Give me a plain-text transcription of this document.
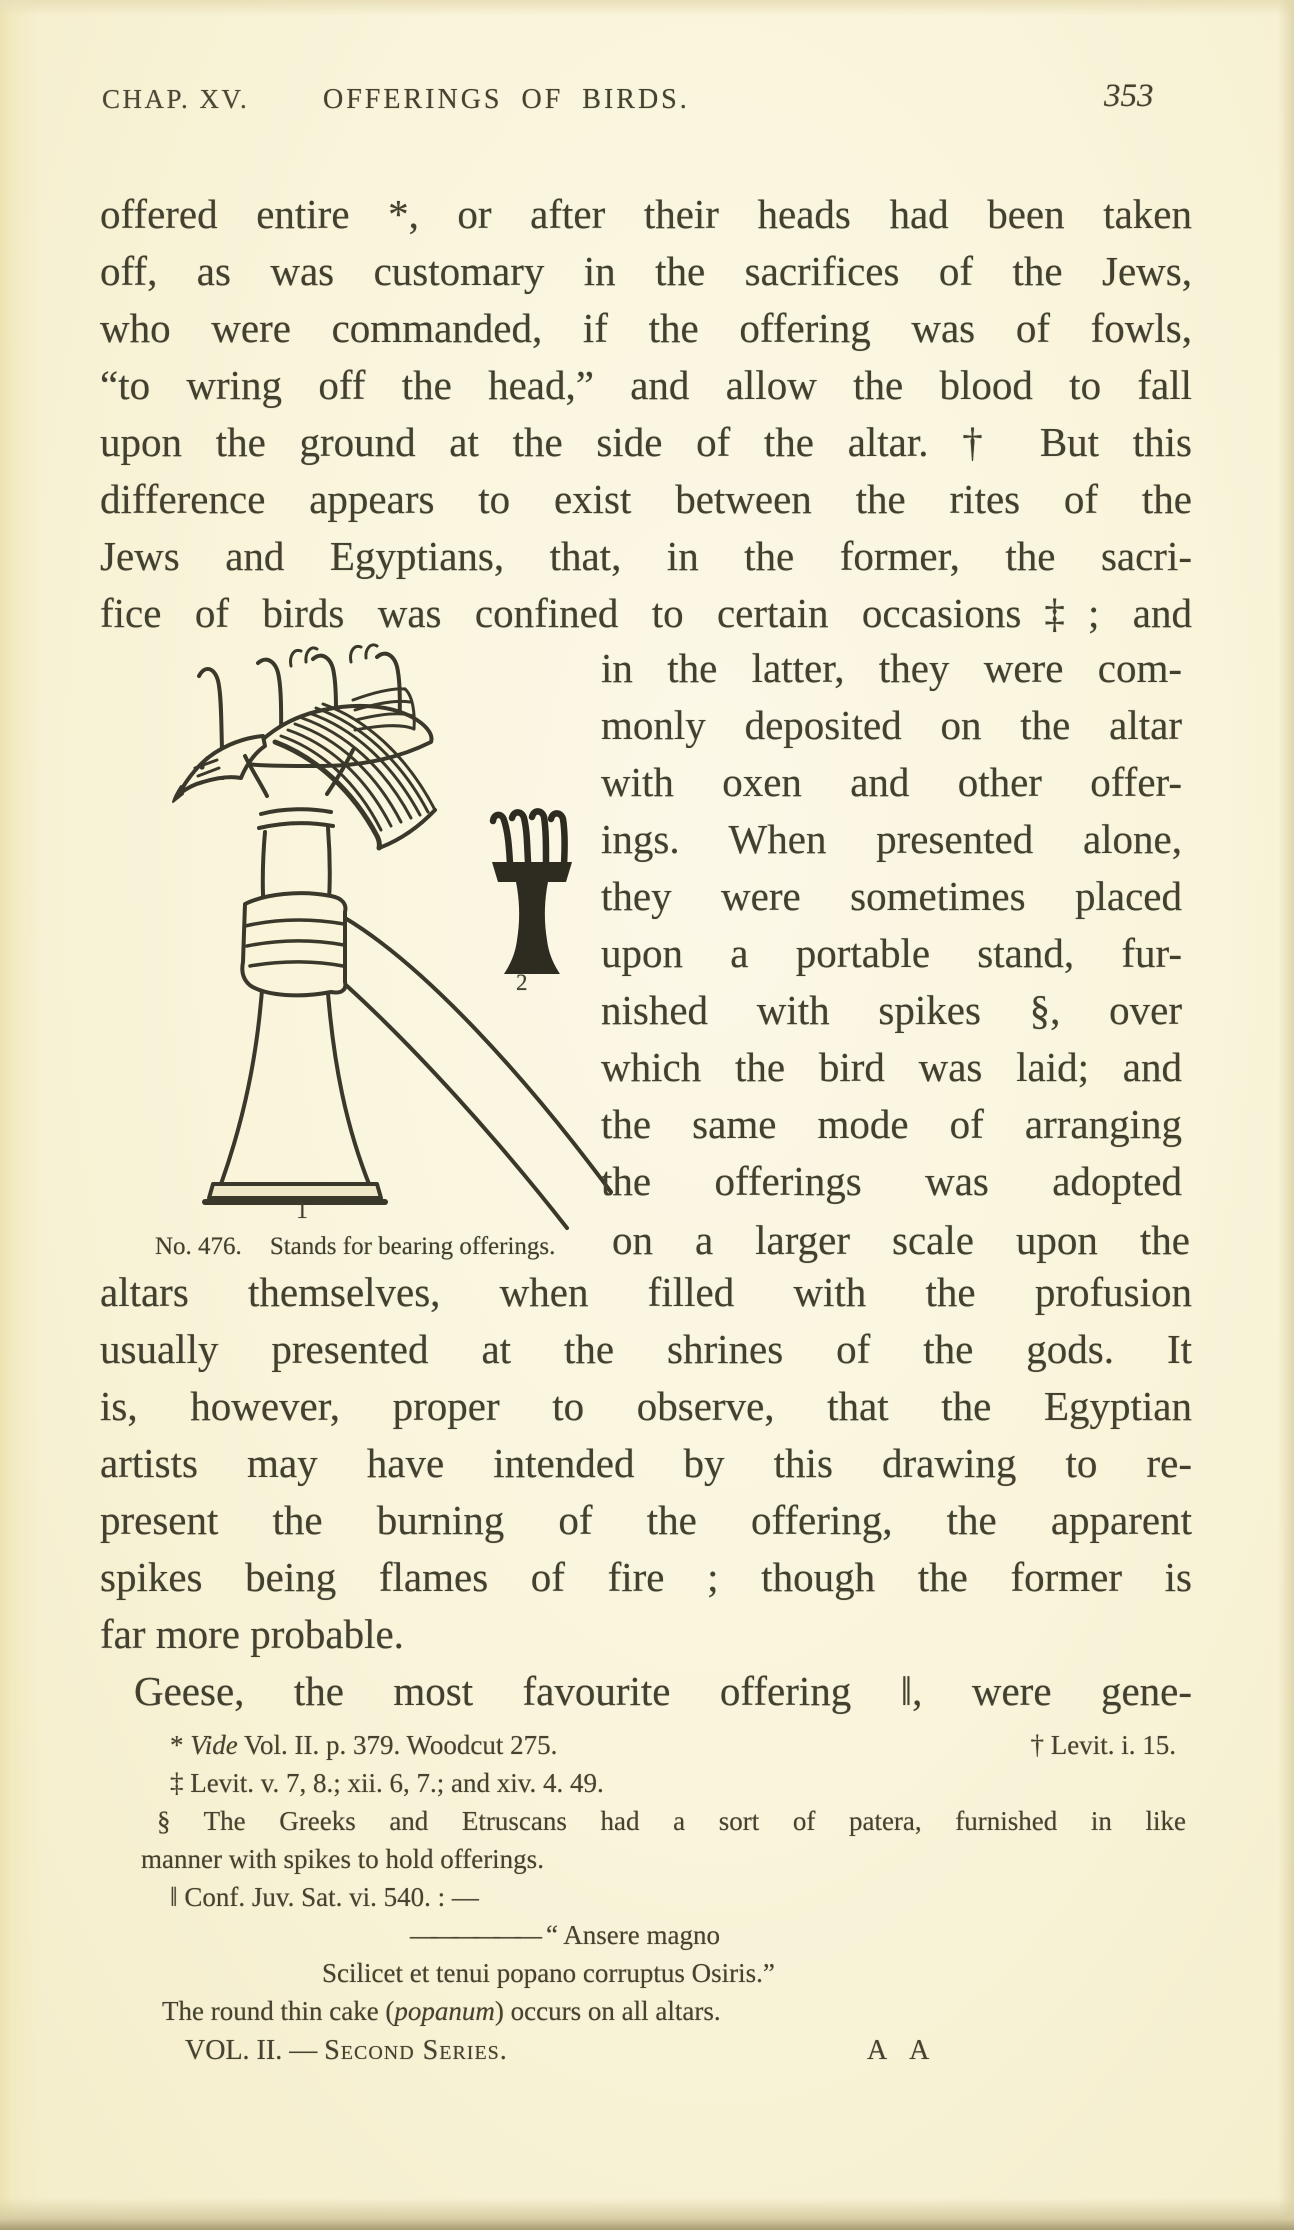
CHAP. XV.	OFFERINGS OF BIRDS.	353
offered entire *, or after their heads had been taken
off, as was customary in the sacrifices of the Jews,
who were commanded, if the offering was of fowls,
“to wring off the head,” and allow the blood to fall
upon the ground at the side of the altar. † But this
difference appears to exist between the rites of the
Jews and Egyptians, that, in the former, the sacri-
fice of birds was confined to certain occasions‡; and
1
2
in the latter, they were com-
monly deposited on the altar
with oxen and other offer-
ings. When presented alone,
they were sometimes placed
upon a portable stand, fur-
nished with spikes §, over
which the bird was laid; and
the same mode of arranging
the offerings was adopted
No. 476. Stands for bearing offerings.	on a larger scale upon the
altars themselves, when filled with the profusion
usually presented at the shrines of the gods. It
is, however, proper to observe, that the Egyptian
artists may have intended by this drawing to re-
present the burning of the offering, the apparent
spikes being flames of fire ; though the former is
far more probable.
Geese, the most favourite offering ‖, were gene-
* Vide Vol. II. p. 379. Woodcut 275.	† Levit. i. 15.
‡ Levit. v. 7, 8.; xii. 6, 7.; and xiv. 4. 49.
§ The Greeks and Etruscans had a sort of patera, furnished in like
manner with spikes to hold offerings.
‖ Conf. Juv. Sat. vi. 540. : —
—————— “ Ansere magno
Scilicet et tenui popano corruptus Osiris.”
The round thin cake (popanum) occurs on all altars.
VOL. II. — Second Series.	A A
